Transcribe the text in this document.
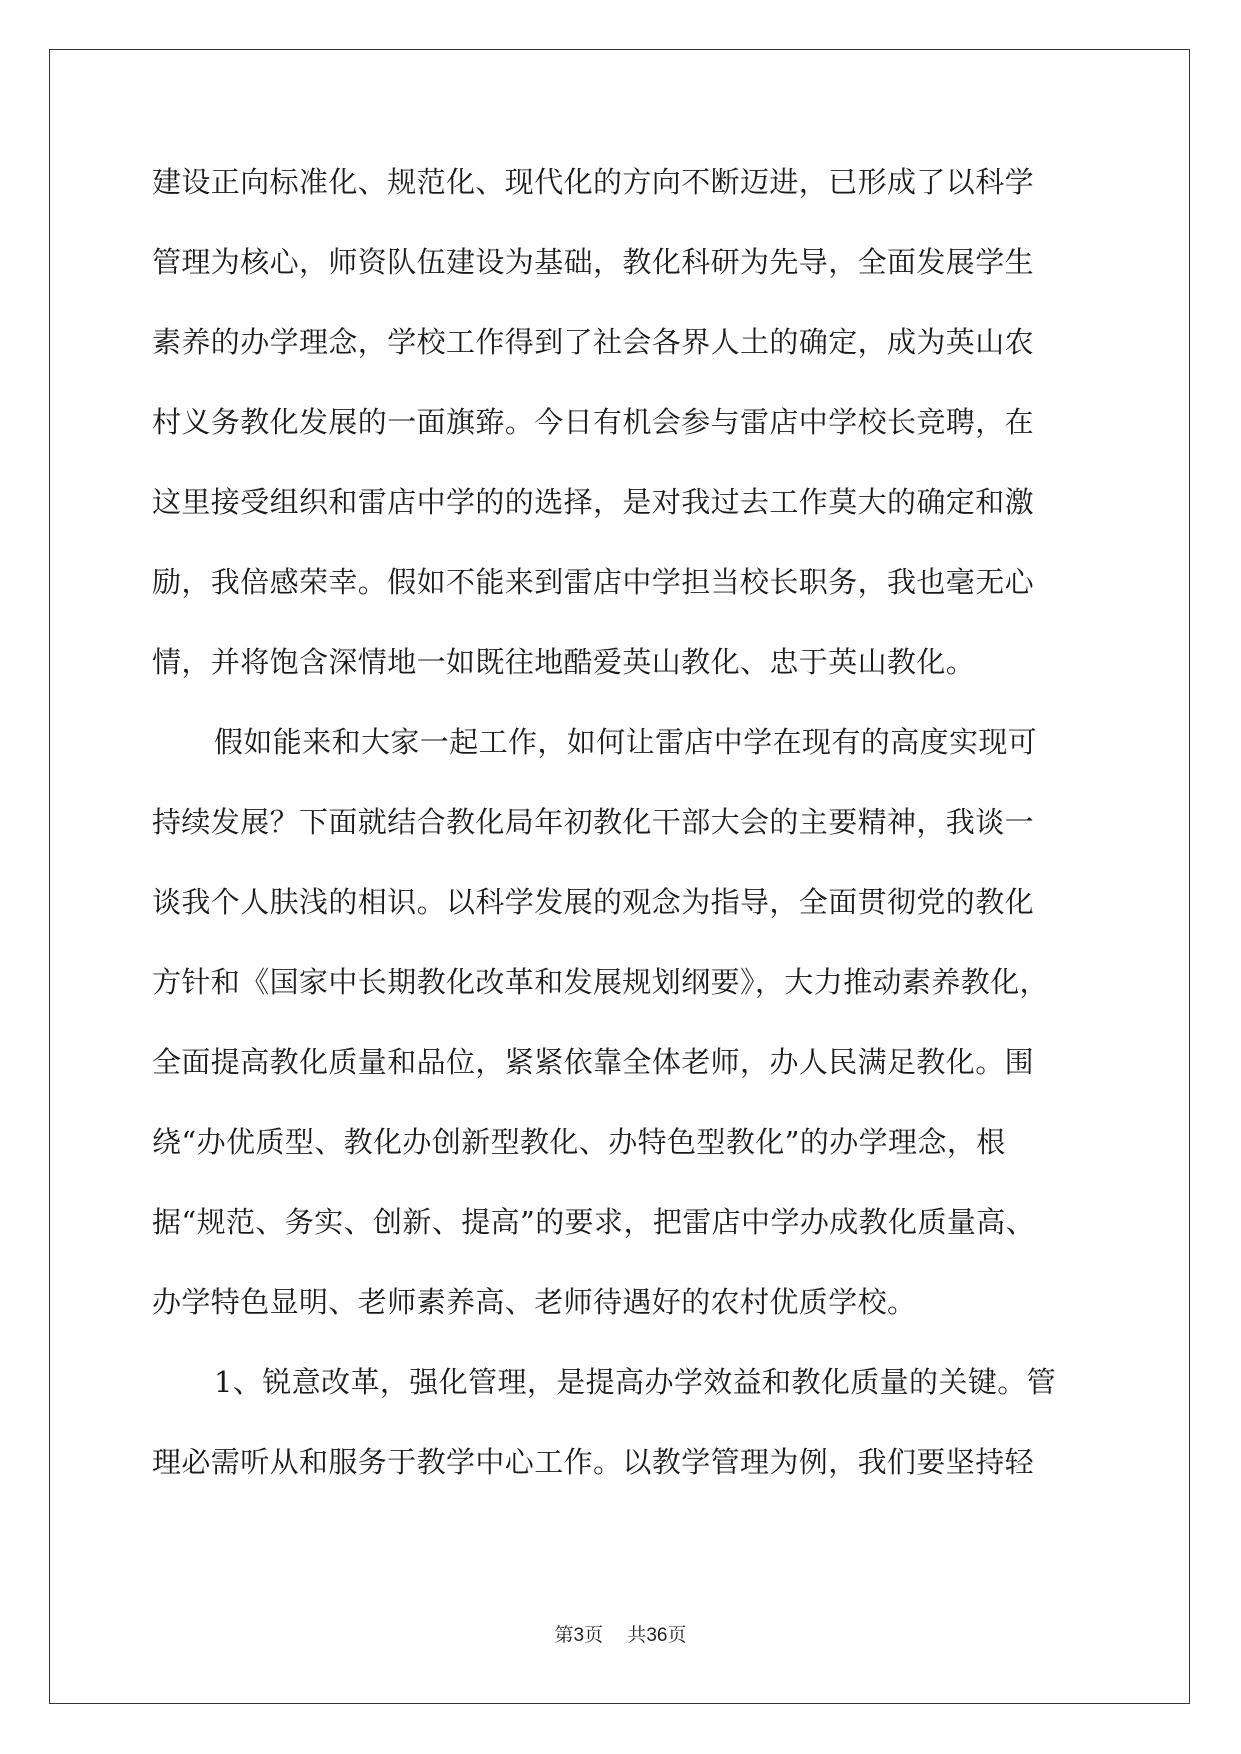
建设正向标准化、规范化、现代化的方向不断迈进，已形成了以科学
管理为核心，师资队伍建设为基础，教化科研为先导，全面发展学生
素养的办学理念，学校工作得到了社会各界人土的确定，成为英山农
村义务教化发展的一面旗臶。今日有机会参与雷店中学校长竞聘，在
这里接受组织和雷店中学的的选择，是对我过去工作莫大的确定和激
励，我倍感荣幸。假如不能来到雷店中学担当校长职务，我也毫无心
情，并将饱含深情地一如既往地酷爱英山教化、忠于英山教化。
假如能来和大家一起工作，如何让雷店中学在现有的高度实现可
持续发展？下面就结合教化局年初教化干部大会的主要精神，我谈一
谈我个人肤浅的相识。以科学发展的观念为指导，全面贯彻党的教化
方针和《国家中长期教化改革和发展规划纲要》，大力推动素养教化，
全面提高教化质量和品位，紧紧依靠全体老师，办人民满足教化。围
绕“办优质型、教化办创新型教化、办特色型教化”的办学理念，根
据“规范、务实、创新、提高”的要求，把雷店中学办成教化质量高、
办学特色显明、老师素养高、老师待遇好的农村优质学校。
1、锐意改革，强化管理，是提高办学效益和教化质量的关键。管
理必需听从和服务于教学中心工作。以教学管理为例，我们要坚持轻
第3页 共36页
